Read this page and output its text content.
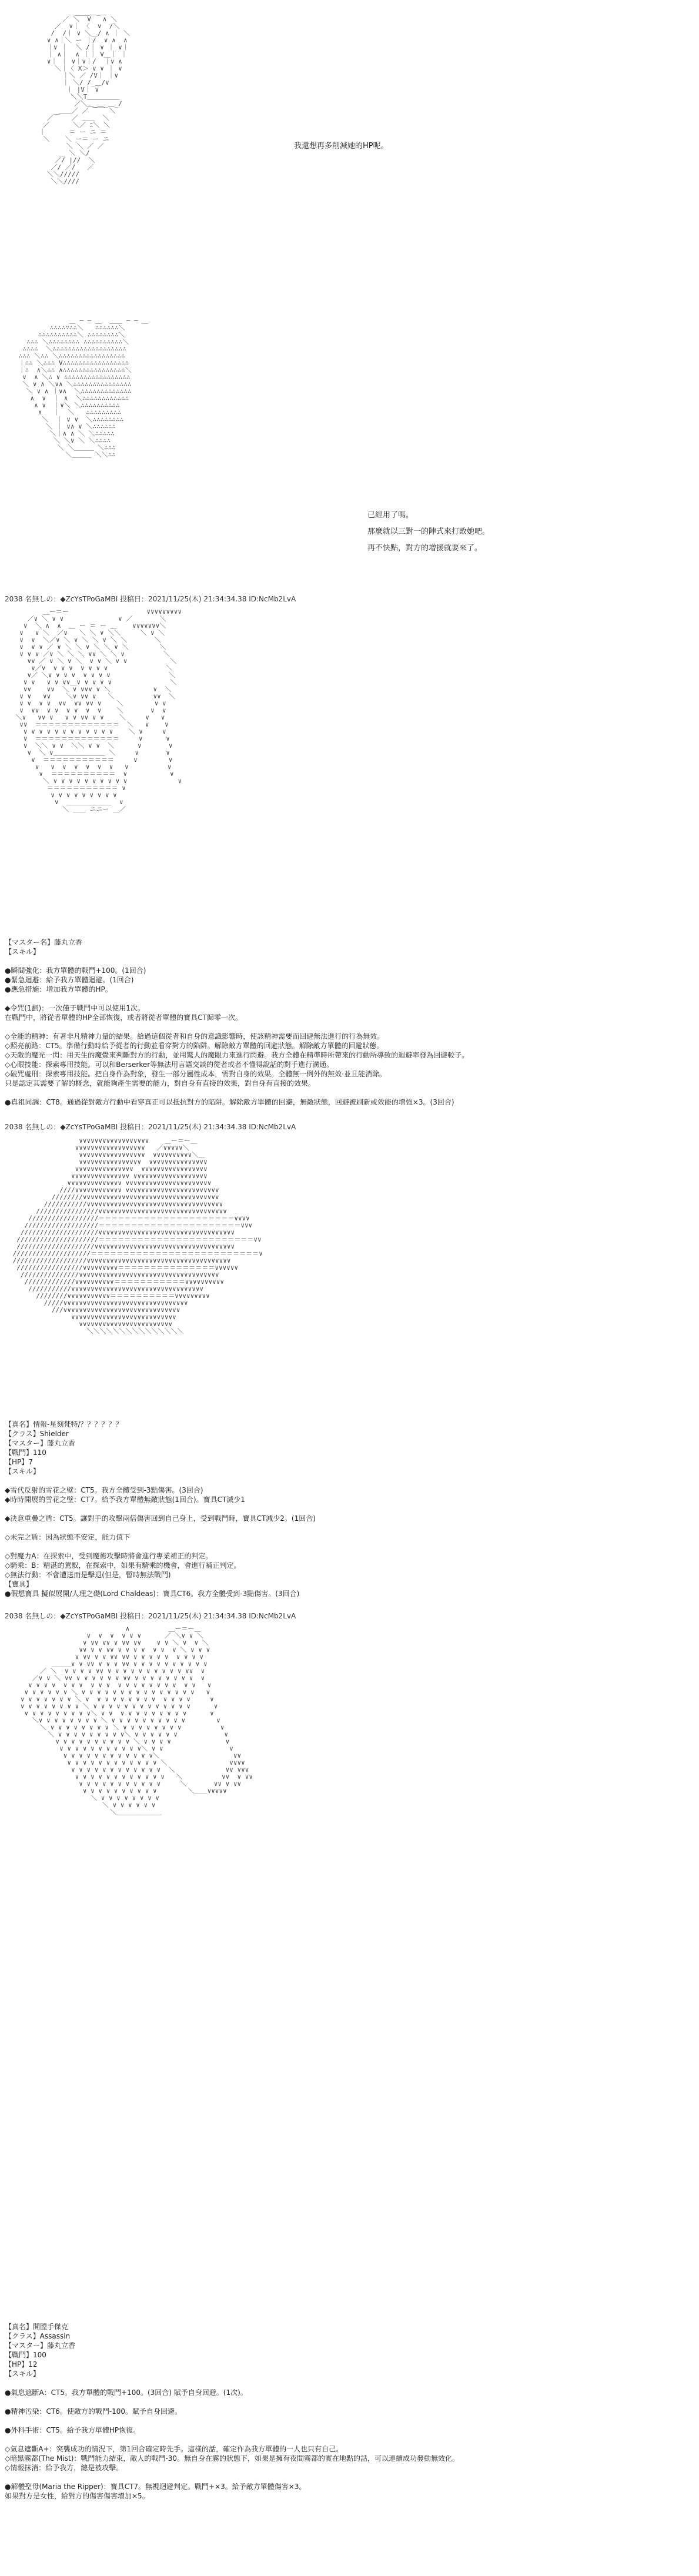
____＿_＿
／ ＼  V   ∧ ＼
／  ∨｜ 〈  ∨  /＼
/  /｜ ∨ ＼＿/ ∧ ｜ ＼
∨ ∧｜＼ ー ｜/  ∨ ∧  ∧
｜∨ ｜  ＼ /｜ ∨ ｜ ∨｜
｜ ∧｜  ∧ ｜｜ V＿｜ ｜
∨｜ ｜ ∨｜∨｜/  ｜∨ ∧
＼｜〈 X＞ ∨ ∨ ｜ ∨
｜＼ ／ /V｜ ｜∨
｜ ＼/ /_＿/∨
｜ |V｜ ∨
＼＼T＿＿＿＿＿
／＼＿_＿_＿_/
＿＿／ ／ ￣￣ ＼
／￣   ／ ＿＿  ＼
／      ＼／ ﾆ＼ ＼
｜      ＝ ー ニ ＝
＼    ＼ ー＝ ー ニ
＼ ＼ ／ ／
＿ ＼ ＼/
／/ |//  ＼
／/ ／/   ／
＼＼/////
＼＼////
我還想再多削減她的HP呢。
＿ ─ ─ ＿  ＿＿ ─ ─ ＿
∴∴∴∴∵∴∴＼   ∴∴∴∴∴∴＼
∴∴∴∴∴∴∴∴∴∴＼ ∴∴∴∴∴∴∴∴＼
∴∴∴ ＼∴∴∴∴∴∴∴∴ ∴∴∴∴∴∴∴∴∴∴＼
∴∴∴∴  ＼∴∴∴∴∴∴∴∴∴∴∴∴∴∴∴∴∴∴∴
∴∴∴ ＼∴∴ ＼∴∴∴∴∴∴∴∴∴∴∴∴∴∴∴∴∴
｜∴∴ ＼∴∴∴ V∴∴∴∴∴∴∴∴∴∴∴∴∴∴∴∴∴
｜∴  ∧＼∴∴ ∧∴∴∴∴∴∴∴∴∴∴∴∴∴∴∴∴＼
∨  ∧ ＼∴ ∨ ∴∴∴∴∴∴∴∴∴∴∴∴∴∴∴∴∴
＼ ∨ ∧ ＼∨∧ ＼∴∴∴∴∴∴∴∴∴∴∴∴∴∴∴
＼ ∨ ∧ ｜∨∧  ＼∴∴∴∴∴∴∴∴∴∴∴∴∴
∧  ∨  ｜ ∧  ＼∴∴∴∴∴∴∴∴∴∴∴∴
∧ ∨  ｜∨＼ ＼∴∴∴∴∴∴∴∴∴∴
∧   ｜  ＼   ∴∴∴∴∴∴∴∴∴
＼  ｜ ∨ ∨  ＼∴∴∴∴∴∴∴∴
＼ ｜ ∨∧ ∨ ＼∴∴∴∴∴∴
＼｜∧ ∧ ＼ ＼∴∴∴∴∴
＼ ＼∨ ＼ ＼∴∴∴∴
＼ ＼＿＿＿ ＼∴∴∴
＼＿＿＿ ＼＼∴∴
已經用了嗎。
那麼就以三對一的陣式來打敗她吧。
再不快點，對方的增援就要來了。
2038 名無しの：◆ZcYsTPoGaMBI 投稿日：2021/11/25(木) 21:34:34.38 ID:NcMb2LvA
＿ー＝ー                    ∨∨∨∨∨∨∨∨∨
／∨ ＼ ∨ ∨              ∨ ／       ＼
∨  ＼ ∧  ∧  ＿ ー ＝ ー ＿    ∨∨∨∨∨∨∨＼
∨   ∨ ＼  ／∨   ＼ ＼ ∨ ＼＼     ＼ ∨ ＼
∨  ∨  ＼／∨ ＼ ∨ ＼ ＼ ∨ ＼ ＼       ＼
∨  ∨ ∨ ／ ∨ ＼ ＼ ∨ ＼ ＼ ∨ ＼        ＼
∨ ∨ ∨ ／∨ ＼ ＼ ＼ ∨∨ ＼ ＼ ∨          ＼
∨∨ ／ ∨ ＼ ∨ ＼  ∨ ∨ ＼ ∨ ∨           ＼
∨／∨  ∨ ∨ ∨  ∨ ∨ ∨ ∨               ＼
∨／ ＼∨ ∨ ∨ ∨  ∨ ∨ ∨ ∨               ＼
∨ ∨   ∨ ∨ ∨∨＿∨ ∨ ∨ ∨ ∨               ＼
∨∨    ∨∨  ＼ ∨ ∨∨∨ ∨ ＼           ∨  ＼
∨ ∨   ∨∨    ＼∨ ∨∨ ∨   ＼          ∨∨  ＼
∨ ∨  ∨ ∨  ∨∨  ∨∨ ∨∨ ∨    ＼        ∨ ∨
∨  ∨∨  ∨ ∨  ∨ ∨  ∨  ∨    ＼       ∨  ∨
＼∨   ∨∨ ∨   ∨ ∨ ∨∨ ∨ ∨    ＼     ∨   ∨
∨∨  ＝＝＝＝＝＝＝＝＝＝＝＝＝  ＼   ∨    ∨
∨ ∨ ∨ ∨ ∨ ∨ ∨ ∨ ∨ ∨ ∨ ∨    ＼ ∨     ∨
∨  ＝＝＝＝＝＝＝＝＝＝＝＝＝     ∨      ∨
∨  ＼＼ ∨ ∨  ＼＼ ∨ ∨  ＼      ∨       ∨
∨  ＼ ∨＿＿＿＿＿＿＿＿ ＼     ∨       ∨
∨  ＝＝＝＝＝＝＝＝＝＝＝     ∨        ∨
∨   ∨  ∨  ∨  ∨  ∨  ∨   ∨          ∨
∨  ＝＝＝＝＝＝＝＝＝＝  ∨           ∨
＼ ∨ ∨ ∨ ∨ ∨ ∨ ∨ ∨ ∨ ∨             ∨
＝＝＝＝＝＝＝＝＝＝＝ ∨
∨ ∨ ∨ ∨ ∨ ∨ ∨ ∨ ∨
∨  ＿＿＿＿＿＿＿  ∨
＼ ＿＿ ニニー ＿／
【マスター名】藤丸立香
【スキル】

●瞬間強化：我方單體的戰鬥+100。(1回合)
●緊急迴避：給予我方單體迴避。(1回合)
●應急措施：增加我方單體的HP。

◆令咒(1劃)：一次僅于戰鬥中可以使用1次。
在戰鬥中，將從者單體的HP全部恢復，或者將從者單體的寶具CT歸零一次。

◇全能的精神：有著非凡精神力量的結果。給過這個從者和自身的意識影響時，使該精神需要而回避無法進行的行為無效。
◇照亮前路：CT5。準備行動時給予從者的行動並看穿對方的陷阱。解除敵方單體的回避狀態。解除敵方單體的回避狀態。
◇天敵的魔光一閃：用天生的魔覺來判斷對方的行動，並用驚人的魔眼力來進行閃避。我方全體在精準時所帶來的行動所導致的迴避率發為回避較子。
◇心眼技能：探索專用技能。可以和Berserker等無法用言語交談的從者或者不懂得說話的對手進行溝通。
◇破咒處刑：探索專用技能。把自身作為對象，發生一部分屬性成本，需對自身的效果。全體無一例外的無效·並且能消除。
只是認定其需要了解的概念，就能夠產生需要的能力，對自身有直接的效果，對自身有直接的效果。

●真祖同調：CT8。通過從對敵方行動中看穿真正可以抵抗對方的陷阱。解除敵方單體的回避，無敵狀態，回避被刷新或效能的增強×3。(3回合)
2038 名無しの：◆ZcYsTPoGaMBI 投稿日：2021/11/25(木) 21:34:34.38 ID:NcMb2LvA
∨∨∨∨∨∨∨∨∨∨∨∨∨∨∨∨∨∨    ＿ー＝ー＿
∨∨∨∨∨∨∨∨∨∨∨∨∨∨∨∨∨∨   ／∨∨∨∨∨＼
∨∨∨∨∨∨∨∨∨∨∨∨∨∨∨∨∨  ∨∨∨∨∨∨∨∨∨∨＼＿
∨∨∨∨∨∨∨∨∨∨∨∨∨∨∨∨  ∨∨∨∨∨∨∨∨∨∨∨∨∨∨∨
∨∨∨∨∨∨∨∨∨∨∨∨∨∨∨  ∨∨∨∨∨∨∨∨∨∨∨∨∨∨∨∨∨
∨∨∨∨∨∨∨∨∨∨∨∨∨∨∨ ∨∨∨∨∨∨∨∨∨∨∨∨∨∨∨∨∨∨∨
∨∨∨∨∨∨∨∨∨∨∨∨∨∨ ∨∨∨∨∨∨∨∨∨∨∨∨∨∨∨∨∨∨∨∨∨∨
////∨∨∨∨∨∨∨∨∨∨∨∨ ∨∨∨∨∨∨∨∨∨∨∨∨∨∨∨∨∨∨∨∨∨∨∨∨
////////∨∨∨∨∨∨∨∨∨∨∨∨∨∨∨∨∨∨∨∨∨∨∨∨∨∨∨∨∨∨∨∨∨∨∨
///////////∨∨∨∨∨∨∨∨∨∨∨∨∨∨∨∨∨∨∨∨∨∨∨∨∨∨∨∨∨∨∨∨∨∨∨
////////////////∨∨∨∨∨∨∨∨∨∨∨∨∨∨∨∨∨∨∨∨∨∨∨∨∨∨∨∨∨∨∨∨∨
//////////////////＝＝＝＝＝＝＝＝＝＝＝＝＝＝＝＝＝＝＝＝＝∨∨∨∨
///////////////////＝＝＝＝＝＝＝＝＝＝＝＝＝＝＝＝＝＝＝＝＝＝∨∨∨
////////////////////∨∨∨∨∨∨∨∨∨∨∨∨∨∨∨∨∨∨∨∨∨∨∨∨∨∨∨∨∨∨∨∨∨∨∨
/////////////////////＝＝＝＝＝＝＝＝＝＝＝＝＝＝＝＝＝＝＝＝＝＝＝＝∨∨
////////////////////∨∨∨∨∨∨∨∨∨∨∨∨∨∨∨∨∨∨∨∨∨∨∨∨∨∨∨∨∨∨∨∨∨∨∨∨
////////////////////＝＝＝＝＝＝＝＝＝＝＝＝＝＝＝＝＝＝＝＝＝＝＝＝＝＝∨
///////////////////∨∨∨∨∨∨∨∨∨∨∨∨∨∨∨∨∨∨∨∨∨∨∨∨∨∨∨∨∨∨∨∨∨∨∨∨∨
/////////////////∨∨∨∨∨∨∨∨∨＝＝＝＝＝＝＝＝＝＝＝＝＝＝＝∨∨∨∨∨∨
///////////////∨∨∨∨∨∨∨∨∨∨∨∨∨∨∨∨∨∨∨∨∨∨∨∨∨∨∨∨∨∨∨∨∨∨∨∨
/////////////∨∨∨∨∨∨∨∨∨∨＝＝＝＝＝＝＝＝＝＝＝∨∨∨∨∨∨∨∨∨∨
///////////∨∨∨∨∨∨∨∨∨∨∨∨∨∨∨∨∨∨∨∨∨∨∨∨∨∨∨∨∨∨∨∨∨∨
////////∨∨∨∨∨∨∨∨∨∨∨＝＝＝＝＝＝＝＝＝＝∨∨∨∨∨∨∨∨∨
/////∨∨∨∨∨∨∨∨∨∨∨∨∨∨∨∨∨∨∨∨∨∨∨∨∨∨∨∨∨∨∨∨
///∨∨∨∨∨∨∨∨∨∨∨∨∨∨∨∨∨∨∨∨∨∨∨∨∨∨∨∨∨∨
∨∨∨∨∨∨∨∨∨∨∨∨∨∨∨∨∨∨∨∨∨∨∨∨∨∨∨
∨∨∨∨∨∨∨∨∨∨∨∨∨∨∨∨∨∨∨∨∨∨∨∨
＼＼＼＼＼＼＼＼＼＼＼＼＼＼＼
【真名】情報-星刻梵特/？？？？？？
【クラス】Shielder
【マスター】藤丸立香
【戰鬥】110
【HP】7
【スキル】

◆雪代反射的雪花之壁：CT5。我方全體受到-3點傷害。(3回合)
◆時時開展的雪花之壁：CT7。給予我方單體無敵狀態(1回合)。寶具CT減少1

◆決意重疊之盾：CT5。讓對手的攻擊兩倍傷害回到自己身上，受到戰鬥時，寶具CT減少2。(1回合)

◇未完之盾：因為狀態不安定，能力值下

◇對魔力A：在探索中，受到魔術攻擊時將會進行專業補正的判定。
◇騎乘：B：精湛的駕馭，在探索中，如果有騎乘的機會，會進行補正判定。
◇無法行動：不會遭送而是擊退(但是，暫時無法戰鬥)
【寶具】
●假想寶具 擬似展開/人理之礎(Lord Chaldeas)：寶具CT6。我方全體受到-3點傷害。(3回合)
2038 名無しの：◆ZcYsTPoGaMBI 投稿日：2021/11/25(木) 21:34:34.38 ID:NcMb2LvA
∧          ＿ー＝ー＿
∨  ∨  ∨  ∨ ∨ ∨      ／ ＼∨ ∨ ＼
∨ ∨∨ ∨∨ ∨ ∨∨ ∨∨    ∨ ∨ ＼ ∨  ∨ ＼
∨∨ ∨ ∨ ∨∨ ∨ ∨ ∨ ∨  ∨ ∨  ∨ ＼ ∨ ∨ ∨
∨ ∨∨ ∨ ∨ ∨∨ ∨∨ ∨ ∨ ∨ ∨ ∨  ∨ ∨ ∨ ∨
＿＿＿∨ ∨ ∨∨ ∨ ∨ ∨ ∨∨ ∨ ∨ ∨ ∨ ∨ ∨ ∨ ∨ ∨ ∨
／ ＼  ∨ ∨ ∨ ∨ ∨∨ ∨ ∨ ∨ ∨ ∨ ∨ ∨ ∨ ∨ ∨ ∨∨  ∨
／∨ ∨ ＼ ∨∨ ∨ ∨ ∨ ∨ ∨ ∨ ∨∨ ∨ ∨ ∨ ∨ ∨ ∨ ∨ ∨  ∨
∨ ∨ ∨ ∨  ∨ ∨ ∨  ∨ ∨ ∨  ∨ ∨ ∨ ∨ ∨ ∨ ∨ ∨  ∨ ∨   ∨
∨ ∨ ∨ ∨ ∨ ∨ ＼ ∨ ∨ ∨ ∨ ∨ ∨ ∨ ∨ ∨ ∨ ∨ ∨ ∨ ∨ ∨   ∨
∨ ∨ ∨ ∨ ∨ ∨ ∨ ＼ ∨  ∨ ∨ ∨ ∨ ∨ ∨ ∨ ∨  ∨ ∨ ∨ ∨     ∨
∨ ∨ ∨ ∨ ∨ ∨ ∨ ∨ ＼ ∨ ∨ ∨ ∨ ∨ ∨ ∨ ∨ ∨ ∨ ∨ ∨ ∨      ∨
∨ ∨ ∨ ∨ ∨ ∨ ∨ ∨ ∨＼ ∨ ∨  ∨ ∨ ∨ ∨ ∨ ∨ ∨ ∨ ∨      ∨
＼∨ ∨ ∨ ∨ ∨ ∨ ∨ ∨ ＼ ∨ ∨ ∨ ∨ ∨ ∨ ∨ ∨ ∨ ∨        ∨
＼ ∨ ∨ ∨ ∨ ∨ ∨ ∨ ∨ ＼ ∨ ∨ ∨ ∨ ∨ ∨ ∨ ∨          ∨
＼ ∨ ∨ ∨ ∨ ∨ ∨ ∨ ∨ ∨＼ ∨ ∨ ∨ ∨ ∨ ∨            ∨
∨ ∨ ∨ ∨ ∨ ∨ ∨ ∨ ∨ ∨ ＼ ∨ ∨ ∨ ∨              ∨
∨ ∨ ∨ ∨ ∨ ∨ ∨ ∨ ∨ ∨ ∨＼ ∨ ∨                 ∨
∨ ∨ ∨ ∨ ∨ ∨ ∨ ∨ ∨ ∨ ∨ ∨＼                   ∨∨
∨ ∨ ∨ ∨ ∨ ∨ ∨ ∨ ∨ ∨ ∨ ∨ ＼                ∨∨∨∨
∨ ∨ ∨ ∨ ∨ ∨ ∨ ∨ ∨ ∨ ∨ ∨  ＼             ∨∨ ∨∨∨
∨ ∨ ∨ ∨ ∨ ∨ ∨ ∨ ∨ ∨ ∨ ∨   ＼          ∨∨  ∨ ∨∨
∨ ∨ ∨ ∨ ∨ ∨ ∨ ∨ ∨ ∨ ∨     ＼       ∨∨ ∨ ∨∨
∨ ∨ ∨ ∨ ∨ ∨ ∨ ∨ ∨ ∨        ＼＿＿∨∨∨∨∨
＼ ∨ ∨ ∨ ∨ ∨ ∨ ∨ ∨
＼ ∨ ∨ ∨ ∨ ∨ ∨
＼＿＿＿＿＿＿＿
【真名】開膛手傑克
【クラス】Assassin
【マスター】藤丸立香
【戰鬥】100
【HP】12
【スキル】

●氣息遮斷A：CT5。我方單體的戰鬥+100。(3回合) 賦予自身回避。(1次)。

●精神汚染：CT6。使敵方的戰鬥-100。賦予自身回避。

●外科手術：CT5。給予我方單體HP恢復。

◇氣息遮斷A+：突襲成功的情況下，第1回合確定時先手。這樣的話，確定作為我方單體的一人也只有自己。
◇暗黑霧都(The Mist)：戰鬥能力結束，敵人的戰鬥-30。無自身在霧的狀態下，如果是擁有夜間霧都的實在地點的話，可以連續成功發動無效化。
◇情報抹消：給予我方，總是被攻擊。

●解體聖母(Maria the Ripper)：寶具CT7。無視迴避判定。戰鬥+×3。給予敵方單體傷害×3。
如果對方是女性，給對方的傷害傷害增加×5。
